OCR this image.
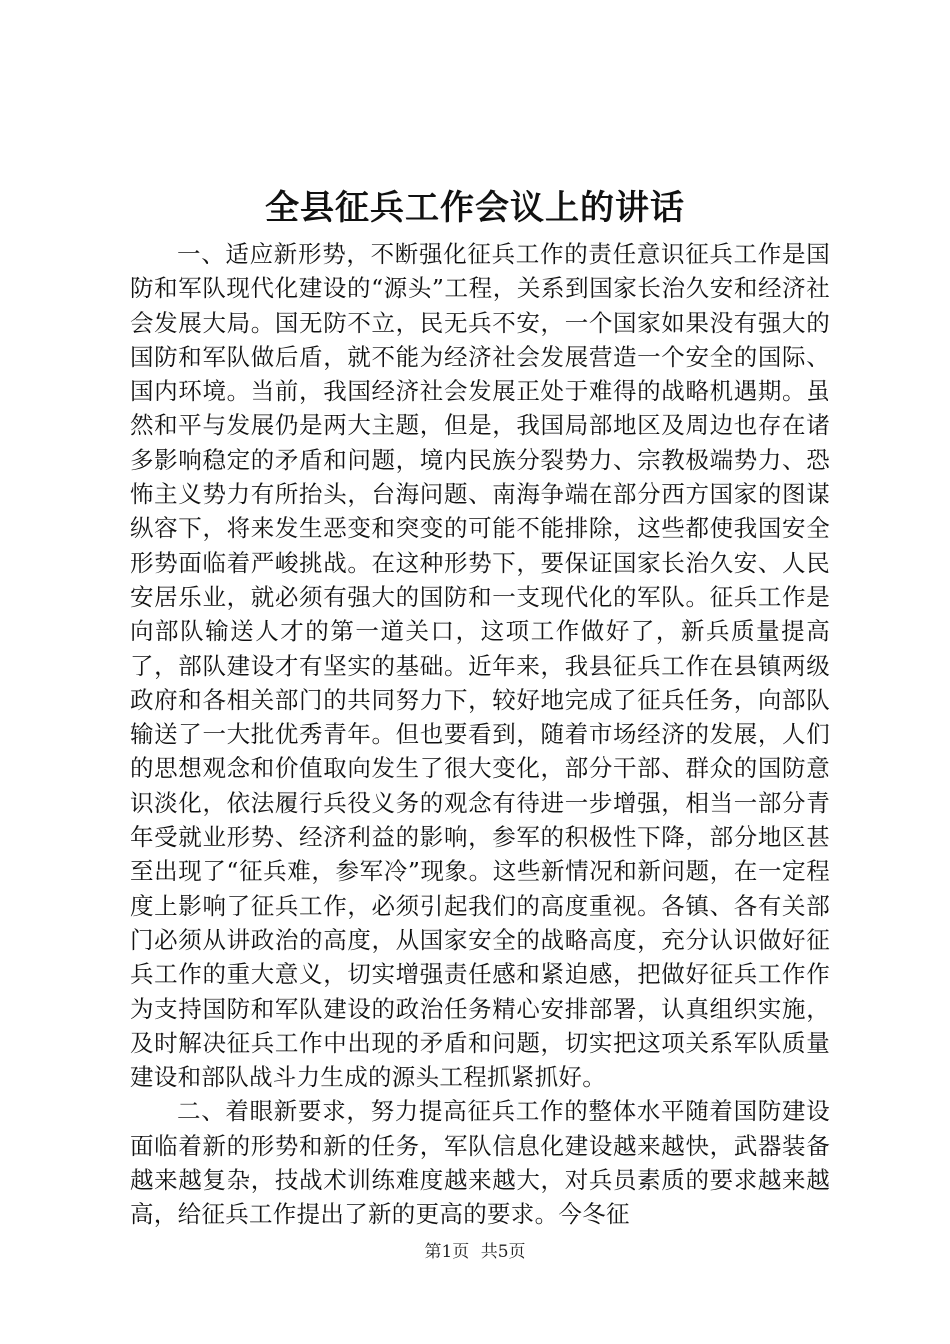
全县征兵工作会议上的讲话

一、适应新形势，不断强化征兵工作的责任意识征兵工作是国防和军队现代化建设的“源头”工程，关系到国家长治久安和经济社会发展大局。国无防不立，民无兵不安，一个国家如果没有强大的国防和军队做后盾，就不能为经济社会发展营造一个安全的国际、国内环境。当前，我国经济社会发展正处于难得的战略机遇期。虽然和平与发展仍是两大主题，但是，我国局部地区及周边也存在诸多影响稳定的矛盾和问题，境内民族分裂势力、宗教极端势力、恐怖主义势力有所抬头，台海问题、南海争端在部分西方国家的图谋纵容下，将来发生恶变和突变的可能不能排除，这些都使我国安全形势面临着严峻挑战。在这种形势下，要保证国家长治久安、人民安居乐业，就必须有强大的国防和一支现代化的军队。征兵工作是向部队输送人才的第一道关口，这项工作做好了，新兵质量提高了，部队建设才有坚实的基础。近年来，我县征兵工作在县镇两级政府和各相关部门的共同努力下，较好地完成了征兵任务，向部队输送了一大批优秀青年。但也要看到，随着市场经济的发展，人们的思想观念和价值取向发生了很大变化，部分干部、群众的国防意识淡化，依法履行兵役义务的观念有待进一步增强，相当一部分青年受就业形势、经济利益的影响，参军的积极性下降，部分地区甚至出现了“征兵难，参军冷”现象。这些新情况和新问题，在一定程度上影响了征兵工作，必须引起我们的高度重视。各镇、各有关部门必须从讲政治的高度，从国家安全的战略高度，充分认识做好征兵工作的重大意义，切实增强责任感和紧迫感，把做好征兵工作作为支持国防和军队建设的政治任务精心安排部署，认真组织实施，及时解决征兵工作中出现的矛盾和问题，切实把这项关系军队质量建设和部队战斗力生成的源头工程抓紧抓好。

二、着眼新要求，努力提高征兵工作的整体水平随着国防建设面临着新的形势和新的任务，军队信息化建设越来越快，武器装备越来越复杂，技战术训练难度越来越大，对兵员素质的要求越来越高，给征兵工作提出了新的更高的要求。今冬征

第1页 共5页
